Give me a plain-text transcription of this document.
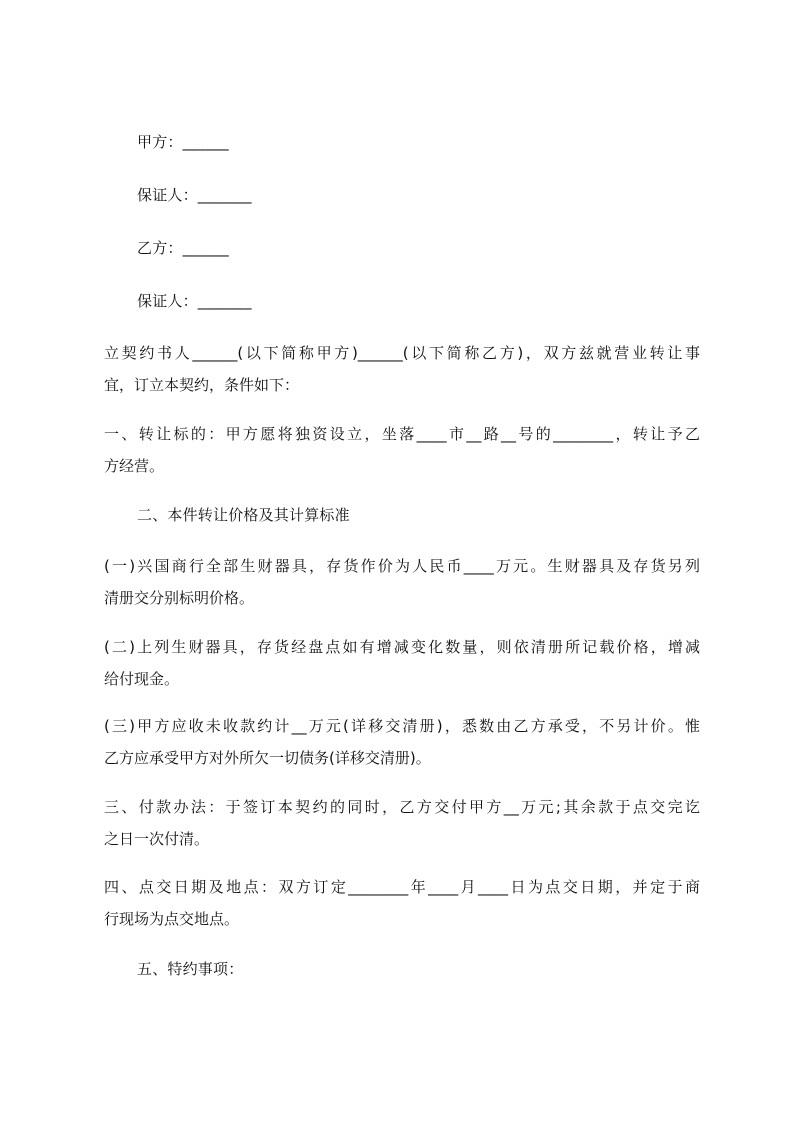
甲方：______
保证人：_______
乙方：______
保证人：_______
立契约书人______(以下简称甲方)______(以下简称乙方)，双方兹就营业转让事
宜，订立本契约，条件如下：
一、转让标的：甲方愿将独资设立，坐落____市__路__号的________，转让予乙
方经营。
二、本件转让价格及其计算标准
(一)兴国商行全部生财器具，存货作价为人民币____万元。生财器具及存货另列
清册交分别标明价格。
(二)上列生财器具，存货经盘点如有增减变化数量，则依清册所记载价格，增减
给付现金。
(三)甲方应收未收款约计__万元(详移交清册)，悉数由乙方承受，不另计价。惟
乙方应承受甲方对外所欠一切债务(详移交清册)。
三、付款办法：于签订本契约的同时，乙方交付甲方__万元;其余款于点交完讫
之日一次付清。
四、点交日期及地点：双方订定________年____月____日为点交日期，并定于商
行现场为点交地点。
五、特约事项：
